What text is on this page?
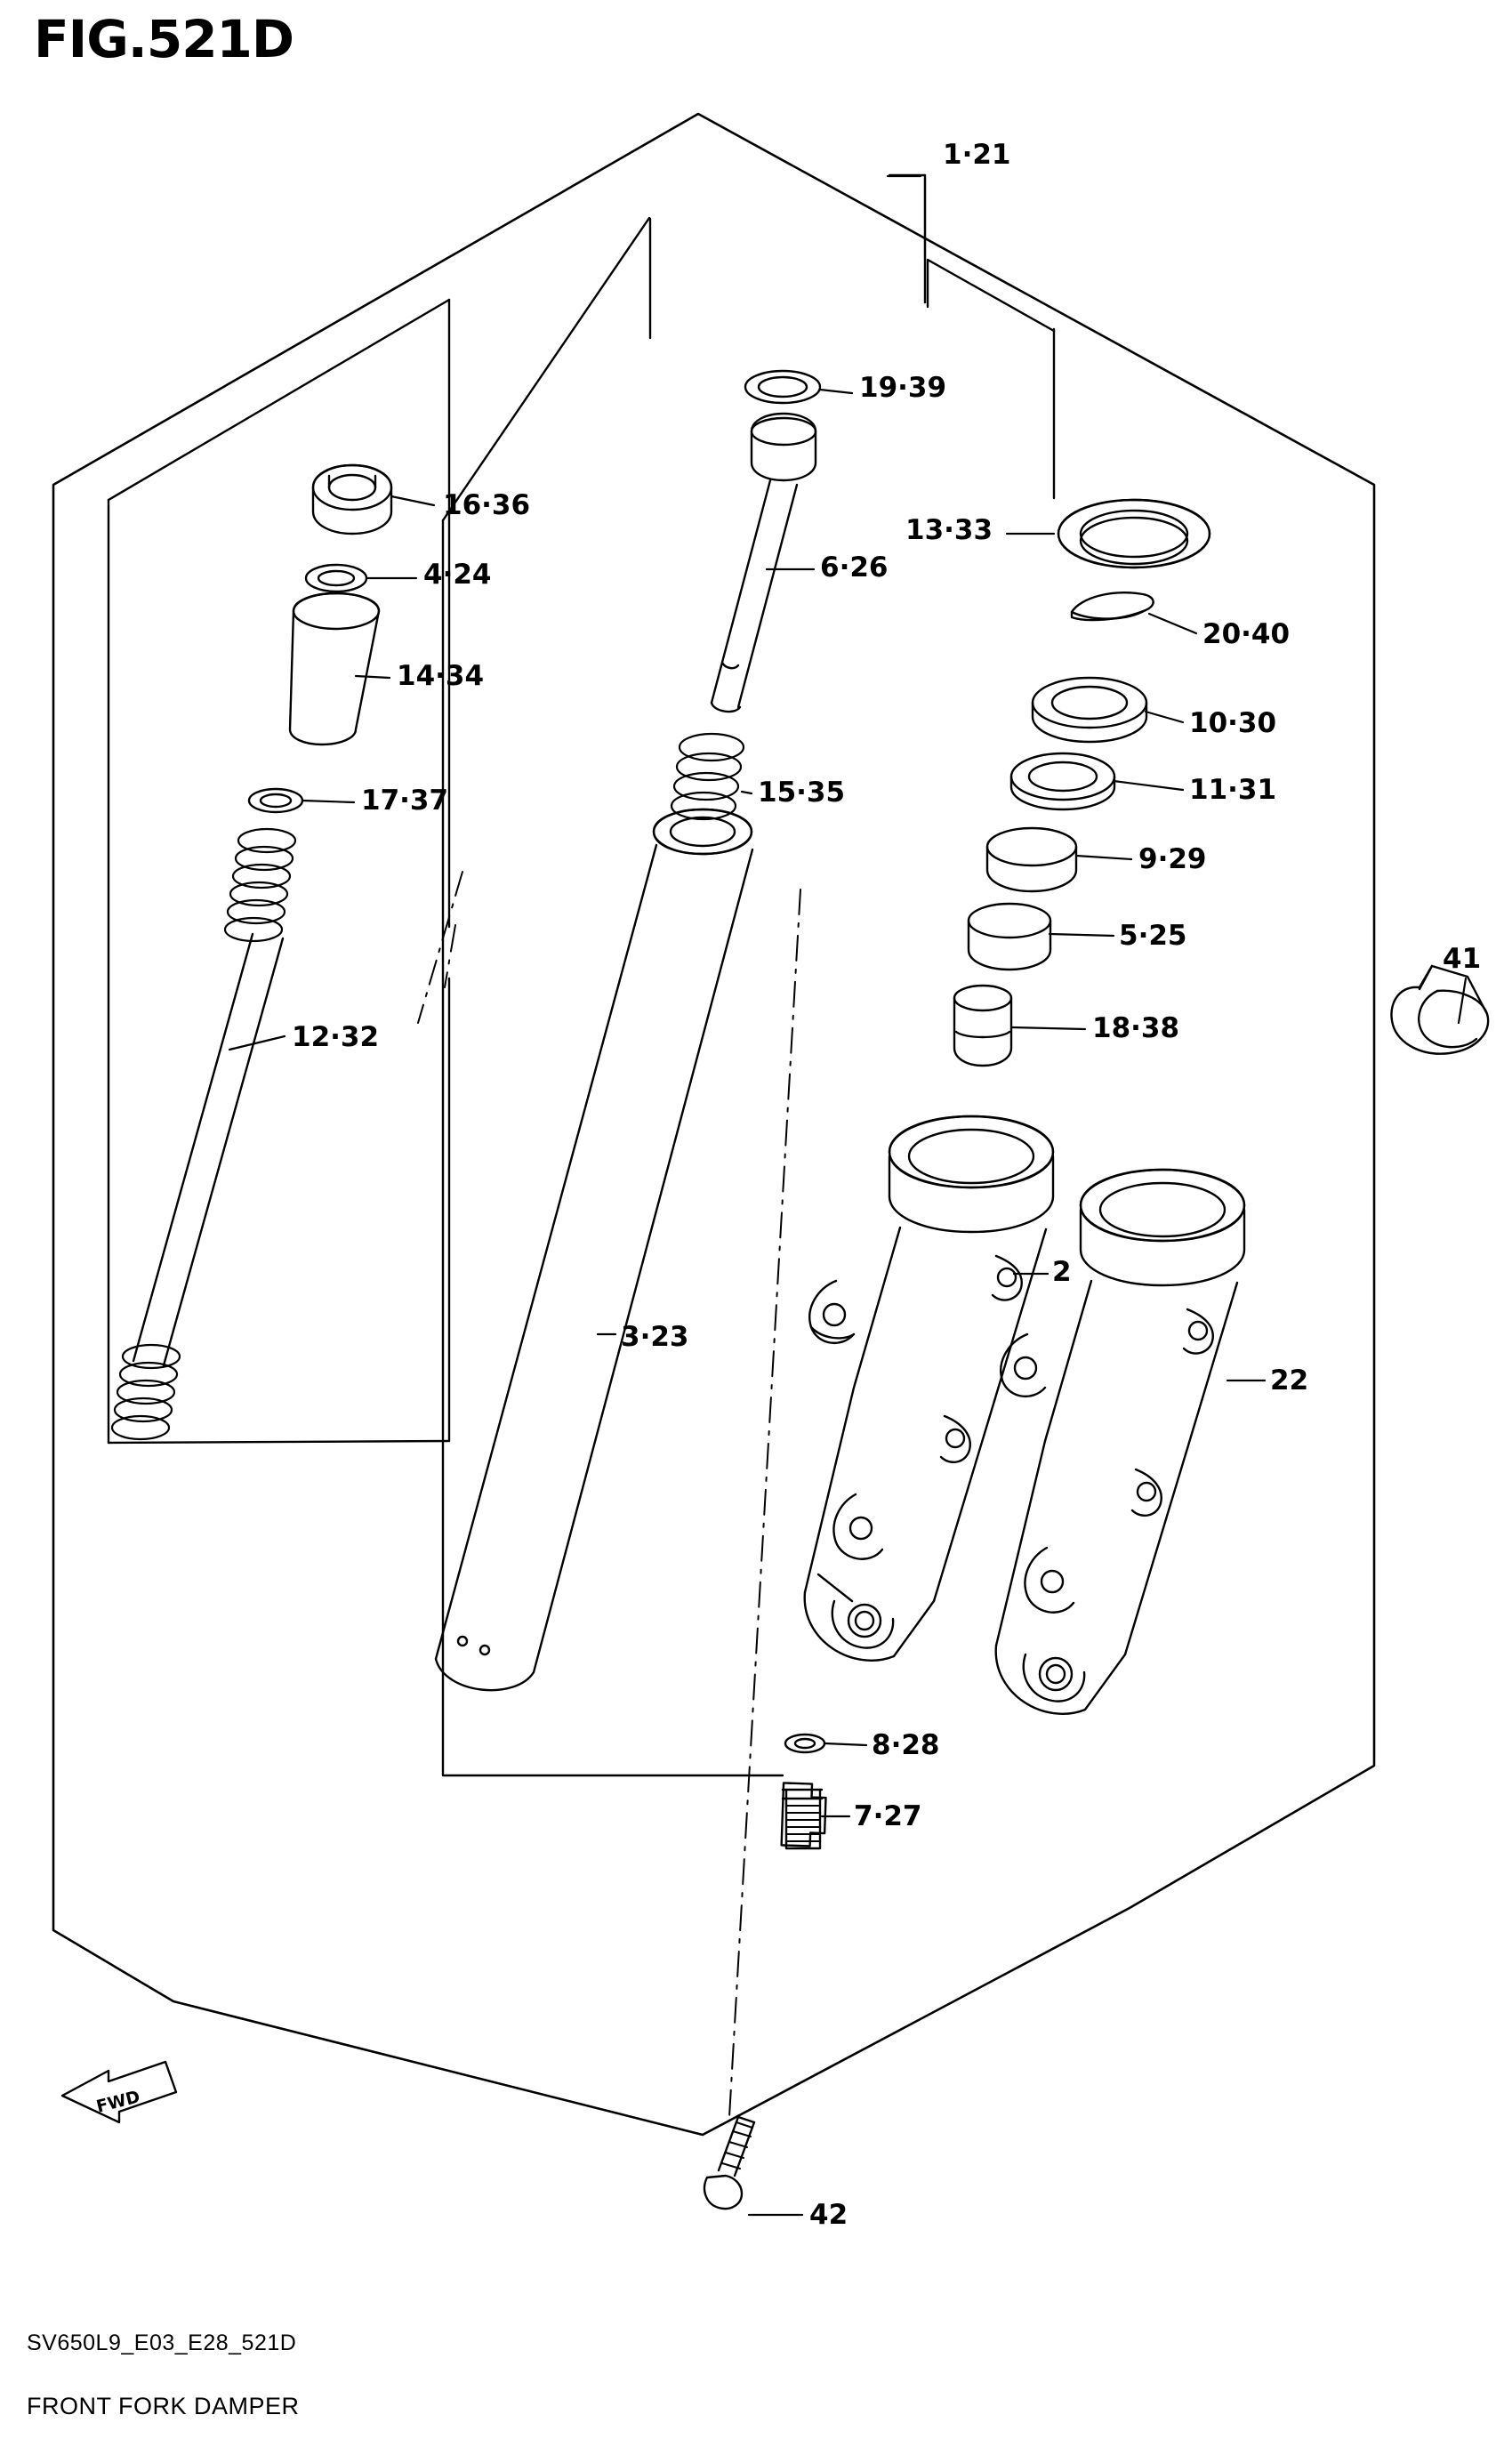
FIG.521D
FWD
1·21
19·39
16·36
13·33
6·26
4·24
20·40
14·34
10·30
11·31
17·37	15·35
9·29
5·25
41
18·38
12·32
2
3·23
22
8·28
7·27
42
SV650L9_E03_E28_521D
FRONT FORK DAMPER
